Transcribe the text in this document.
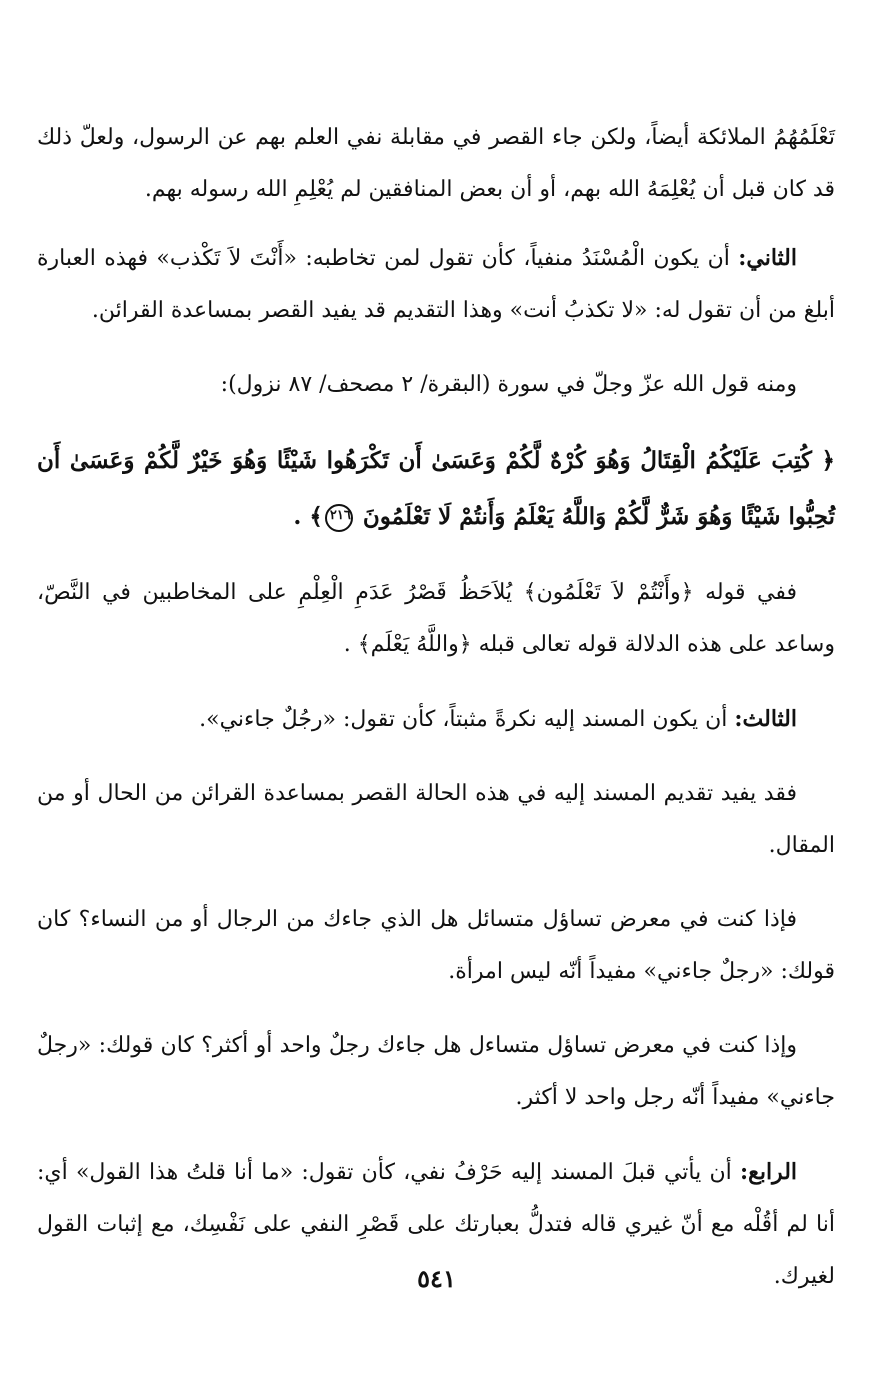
تَعْلَمُهُمُ الملائكة أيضاً، ولكن جاء القصر في مقابلة نفي العلم بهم عن الرسول، ولعلّ ذلك قد كان قبل أن يُعْلِمَهُ الله بهم، أو أن بعض المنافقين لم يُعْلِمِ الله رسوله بهم.

الثاني: أن يكون الْمُسْنَدُ منفياً، كأن تقول لمن تخاطبه: «أَنْتَ لاَ تَكْذب» فهذه العبارة أبلغ من أن تقول له: «لا تكذبُ أنت» وهذا التقديم قد يفيد القصر بمساعدة القرائن.

ومنه قول الله عزّ وجلّ في سورة (البقرة/ ٢ مصحف/ ٨٧ نزول):

﴿ كُتِبَ عَلَيْكُمُ الْقِتَالُ وَهُوَ كُرْهٌ لَّكُمْ وَعَسَىٰ أَن تَكْرَهُوا شَيْئًا وَهُوَ خَيْرٌ لَّكُمْ وَعَسَىٰ أَن تُحِبُّوا شَيْئًا وَهُوَ شَرٌّ لَّكُمْ وَاللَّهُ يَعْلَمُ وَأَنتُمْ لَا تَعْلَمُونَ ٢١٦﴾ .

ففي قوله ﴿وأَنْتُمْ لاَ تَعْلَمُون﴾ يُلاَحَظُ قَصْرُ عَدَمِ الْعِلْمِ على المخاطبين في النَّصّ، وساعد على هذه الدلالة قوله تعالى قبله ﴿واللَّهُ يَعْلَم﴾ .

الثالث: أن يكون المسند إليه نكرةً مثبتاً، كأن تقول: «رجُلٌ جاءني».

فقد يفيد تقديم المسند إليه في هذه الحالة القصر بمساعدة القرائن من الحال أو من المقال.

فإذا كنت في معرض تساؤل متسائل هل الذي جاءك من الرجال أو من النساء؟ كان قولك: «رجلٌ جاءني» مفيداً أنّه ليس امرأة.

وإذا كنت في معرض تساؤل متساءل هل جاءك رجلٌ واحد أو أكثر؟ كان قولك: «رجلٌ جاءني» مفيداً أنّه رجل واحد لا أكثر.

الرابع: أن يأتي قبلَ المسند إليه حَرْفُ نفي، كأن تقول: «ما أنا قلتُ هذا القول» أي: أنا لم أقُلْه مع أنّ غيري قاله فتدلُّ بعبارتك على قَصْرِ النفي على نَفْسِك، مع إثبات القول لغيرك.

٥٤١
